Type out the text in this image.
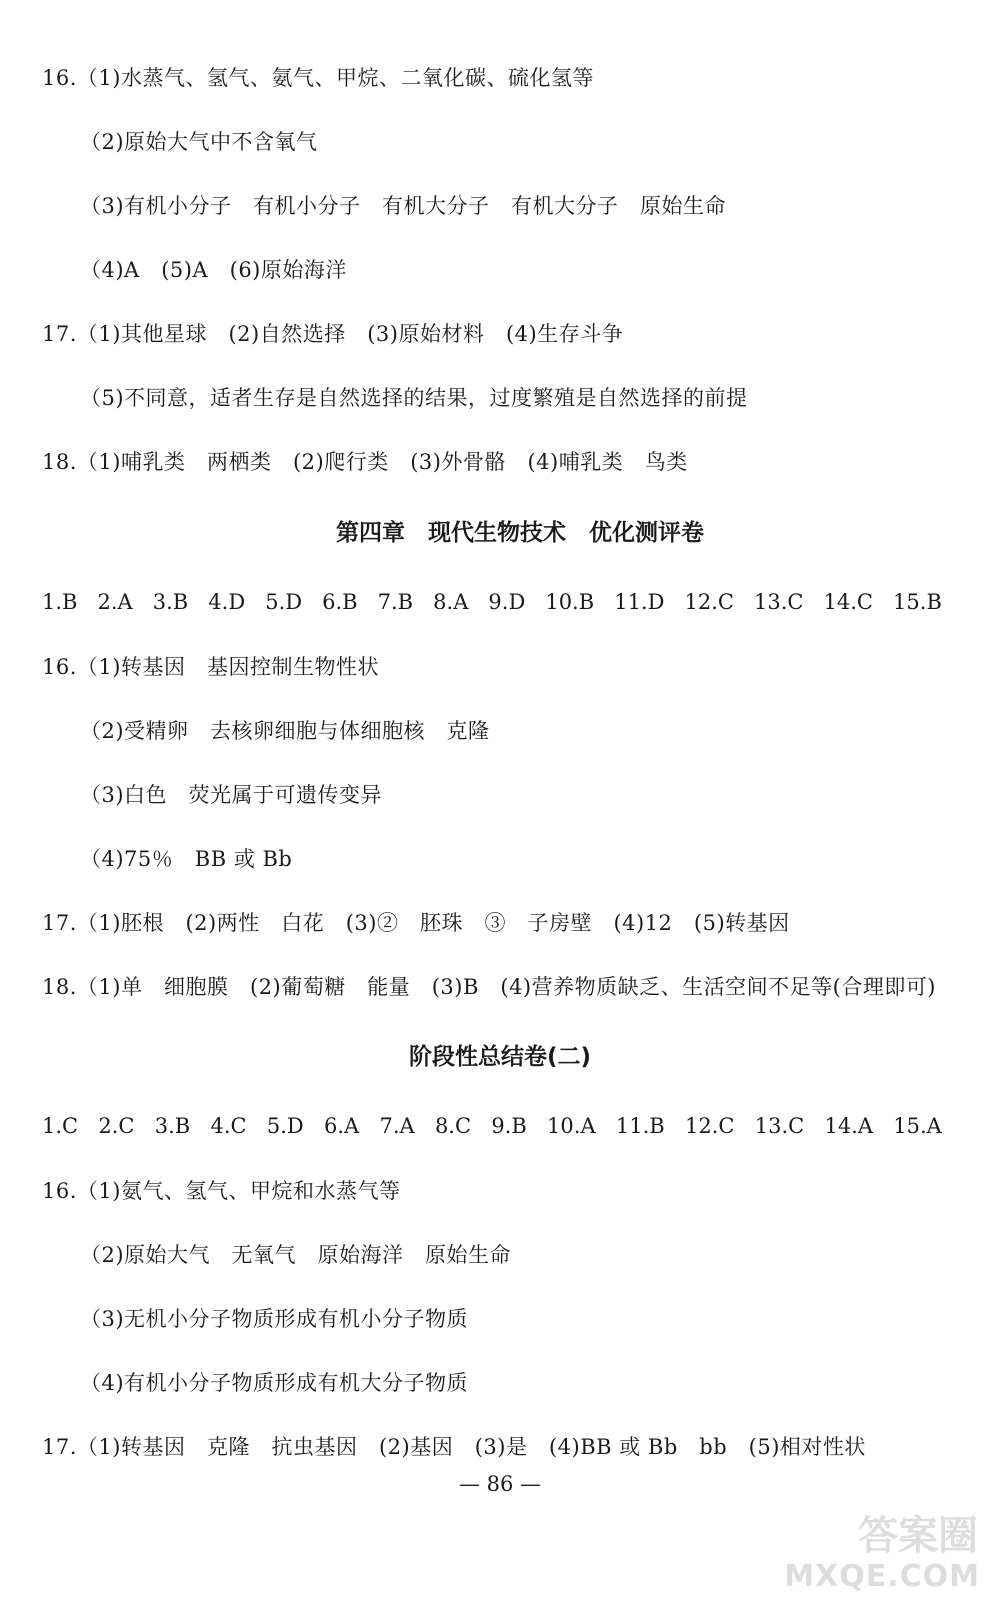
16.（1)水蒸气、氢气、氨气、甲烷、二氧化碳、硫化氢等
（2)原始大气中不含氧气
（3)有机小分子　有机小分子　有机大分子　有机大分子　原始生命
（4)A　(5)A　(6)原始海洋
17.（1)其他星球　(2)自然选择　(3)原始材料　(4)生存斗争
（5)不同意，适者生存是自然选择的结果，过度繁殖是自然选择的前提
18.（1)哺乳类　两栖类　(2)爬行类　(3)外骨骼　(4)哺乳类　鸟类
第四章　现代生物技术　优化测评卷
1.B 2.A 3.B 4.D 5.D 6.B 7.B 8.A 9.D 10.B 11.D 12.C 13.C 14.C 15.B
16.（1)转基因　基因控制生物性状
（2)受精卵　去核卵细胞与体细胞核　克隆
（3)白色　荧光属于可遗传变异
（4)75％　BB 或 Bb
17.（1)胚根　(2)两性　白花　(3)②　胚珠　③　子房壁　(4)12　(5)转基因
18.（1)单　细胞膜　(2)葡萄糖　能量　(3)B　(4)营养物质缺乏、生活空间不足等(合理即可)
阶段性总结卷(二)
1.C 2.C 3.B 4.C 5.D 6.A 7.A 8.C 9.B 10.A 11.B 12.C 13.C 14.A 15.A
16.（1)氨气、氢气、甲烷和水蒸气等
（2)原始大气　无氧气　原始海洋　原始生命
（3)无机小分子物质形成有机小分子物质
（4)有机小分子物质形成有机大分子物质
17.（1)转基因　克隆　抗虫基因　(2)基因　(3)是　(4)BB 或 Bb　bb　(5)相对性状
— 86 —
答案圈
MXQE.COM
